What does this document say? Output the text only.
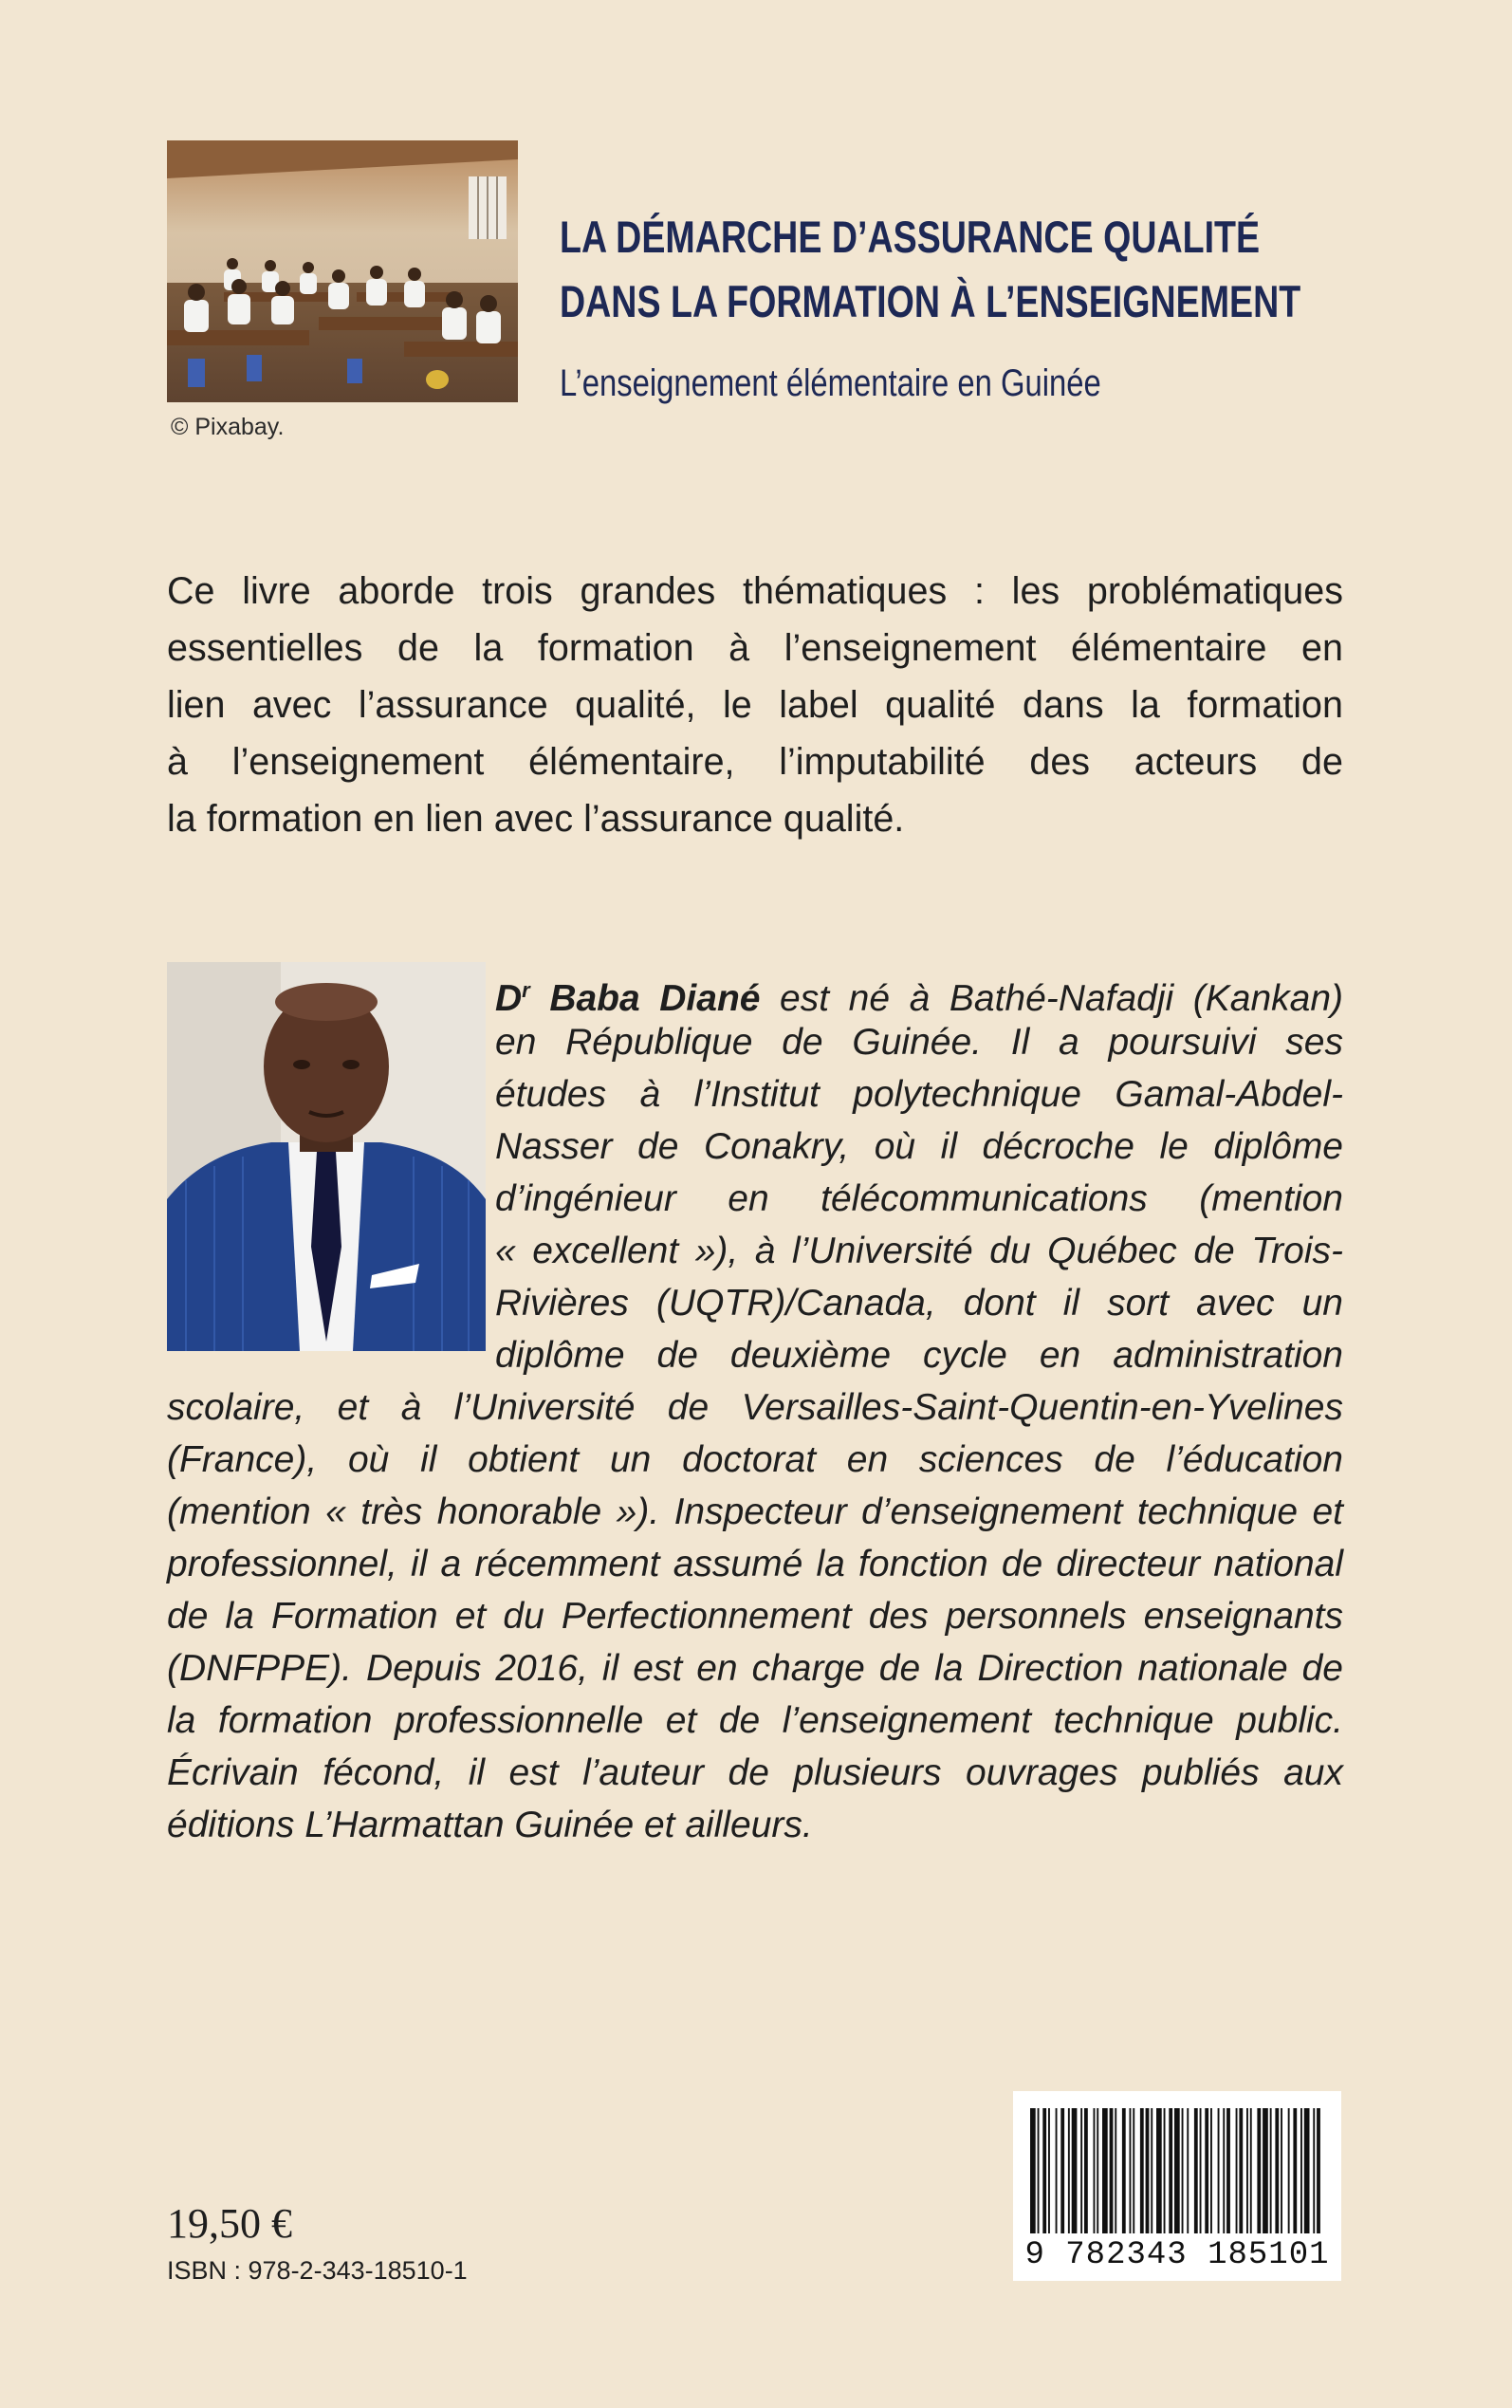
© Pixabay.
LA DÉMARCHE D’ASSURANCE QUALITÉ
DANS LA FORMATION À L’ENSEIGNEMENT
L’enseignement élémentaire en Guinée
Ce livre aborde trois grandes thématiques : les problématiques
essentielles de la formation à l’enseignement élémentaire en
lien avec l’assurance qualité, le label qualité dans la formation
à l’enseignement élémentaire, l’imputabilité des acteurs de
la formation en lien avec l’assurance qualité.
$D^r$ Baba Diané est né à Bathé-Nafadji (Kankan)
en République de Guinée. Il a poursuivi ses
études à l’Institut polytechnique Gamal-Abdel-
Nasser de Conakry, où il décroche le diplôme
d’ingénieur en télécommunications (mention
« excellent »), à l’Université du Québec de Trois-
Rivières (UQTR)/Canada, dont il sort avec un
diplôme de deuxième cycle en administration
scolaire, et à l’Université de Versailles-Saint-Quentin-en-Yvelines
(France), où il obtient un doctorat en sciences de l’éducation
(mention « très honorable »). Inspecteur d’enseignement technique et
professionnel, il a récemment assumé la fonction de directeur national
de la Formation et du Perfectionnement des personnels enseignants
(DNFPPE). Depuis 2016, il est en charge de la Direction nationale de
la formation professionnelle et de l’enseignement technique public.
Écrivain fécond, il est l’auteur de plusieurs ouvrages publiés aux
éditions L’Harmattan Guinée et ailleurs.
19,50 €
ISBN : 978-2-343-18510-1	9 782343 185101
